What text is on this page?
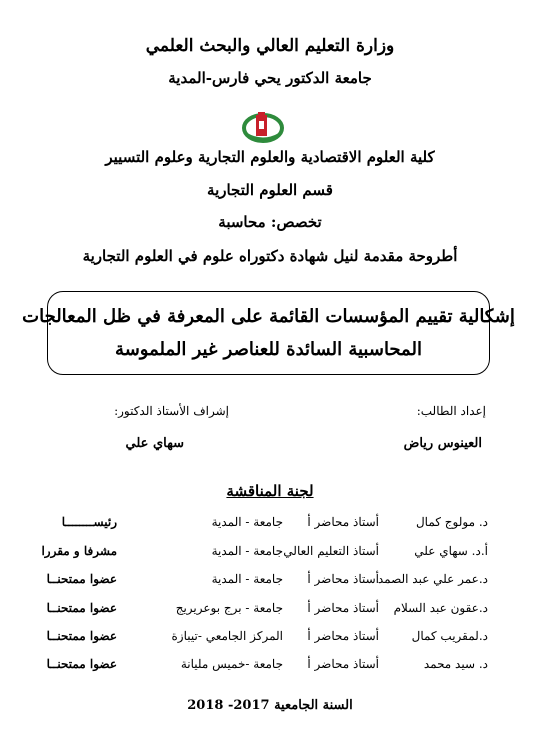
وزارة التعليم العالي والبحث العلمي
جامعة الدكتور يحي فارس-المدية
كلية العلوم الاقتصادية والعلوم التجارية وعلوم التسيير
قسم العلوم التجارية
تخصص: محاسبة
أطروحة مقدمة لنيل شهادة دكتوراه علوم في العلوم التجارية
إشكالية تقييم المؤسسات القائمة على المعرفة في ظل المعالجات
المحاسبية السائدة للعناصر غير الملموسة
إعداد الطالب:
إشراف الأستاذ الدكتور:
العينوس رياض
سهاي علي
لجنة المناقشة
د. مولوج كمال
أستاذ محاضر أ
جامعة - المدية
رئيســــــــا
أ.د. سهاي علي
أستاذ التعليم العالي
جامعة - المدية
مشرفا و مقررا
د.عمر علي عبد الصمد
أستاذ محاضر أ
جامعة - المدية
عضوا ممتحنــا
د.عقون عبد السلام
أستاذ محاضر أ
جامعة - برج بوعريريج
عضوا ممتحنــا
د.لمقريب كمال
أستاذ محاضر أ
المركز الجامعي -تيبازة
عضوا ممتحنــا
د. سيد محمد
أستاذ محاضر أ
جامعة -خميس مليانة
عضوا ممتحنــا
السنة الجامعية 2017- 2018
